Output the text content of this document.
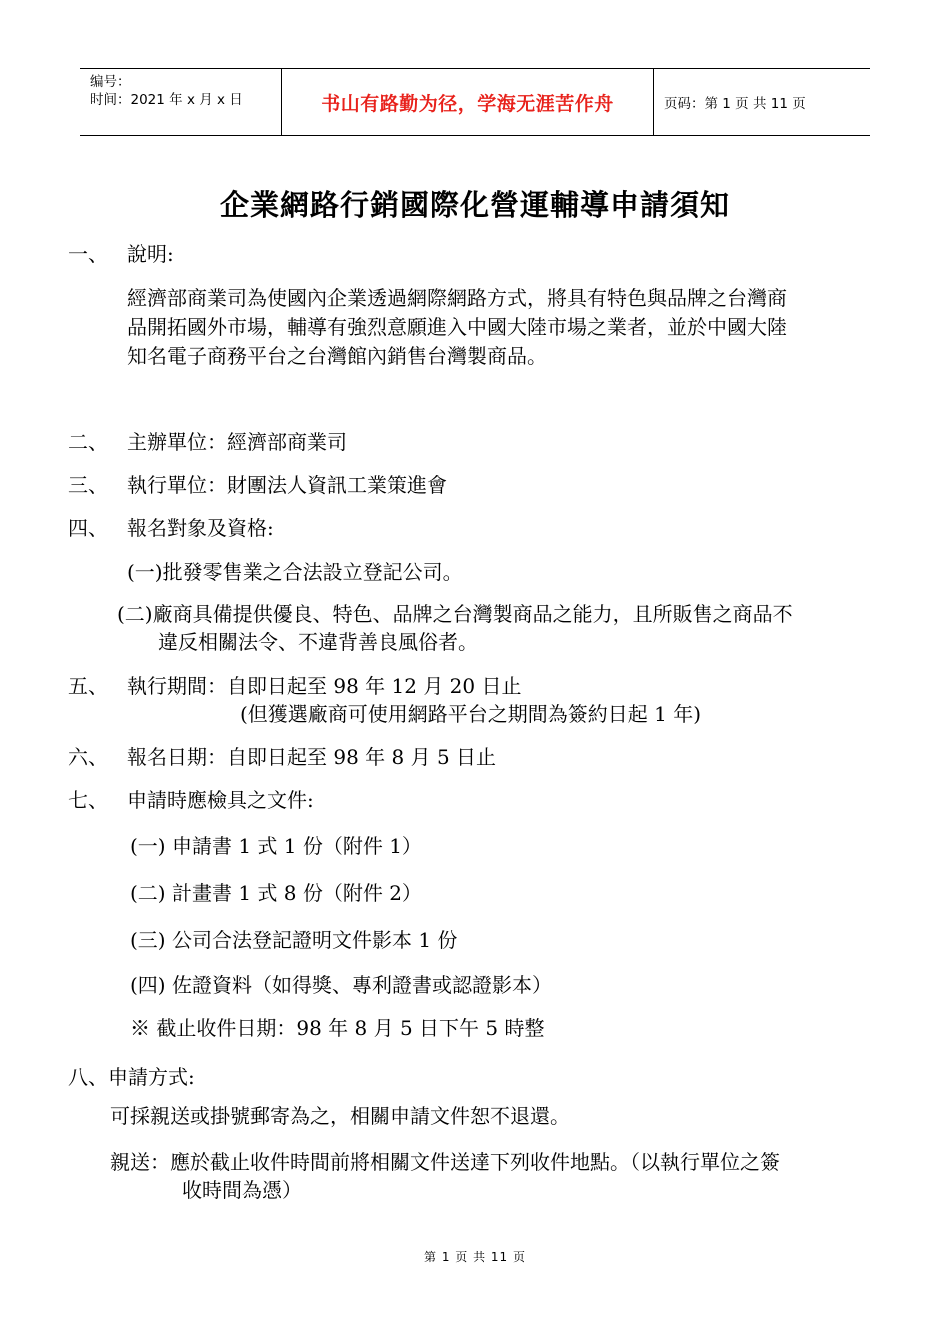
编号：
时间：2021 年 x 月 x 日	书山有路勤为径，学海无涯苦作舟	页码：第 1 页 共 11 页
企業網路行銷國際化營運輔導申請須知
一、 說明:
經濟部商業司為使國內企業透過網際網路方式，將具有特色與品牌之台灣商
品開拓國外市場，輔導有強烈意願進入中國大陸市場之業者，並於中國大陸
知名電子商務平台之台灣館內銷售台灣製商品。
二、 主辦單位：經濟部商業司
三、 執行單位：財團法人資訊工業策進會
四、 報名對象及資格:
(一)批發零售業之合法設立登記公司。
(二)廠商具備提供優良、特色、品牌之台灣製商品之能力，且所販售之商品不
違反相關法令、不違背善良風俗者。
五、 執行期間：自即日起至 98 年 12 月 20 日止
(但獲選廠商可使用網路平台之期間為簽約日起 1 年)
六、 報名日期：自即日起至 98 年 8 月 5 日止
七、 申請時應檢具之文件:
(一) 申請書 1 式 1 份（附件 1）
(二) 計畫書 1 式 8 份（附件 2）
(三) 公司合法登記證明文件影本 1 份
(四) 佐證資料（如得獎、專利證書或認證影本）
※ 截止收件日期：98 年 8 月 5 日下午 5 時整
八、申請方式:
可採親送或掛號郵寄為之，相關申請文件恕不退還。
親送：應於截止收件時間前將相關文件送達下列收件地點。（以執行單位之簽
收時間為憑）
第 1 页 共 11 页
